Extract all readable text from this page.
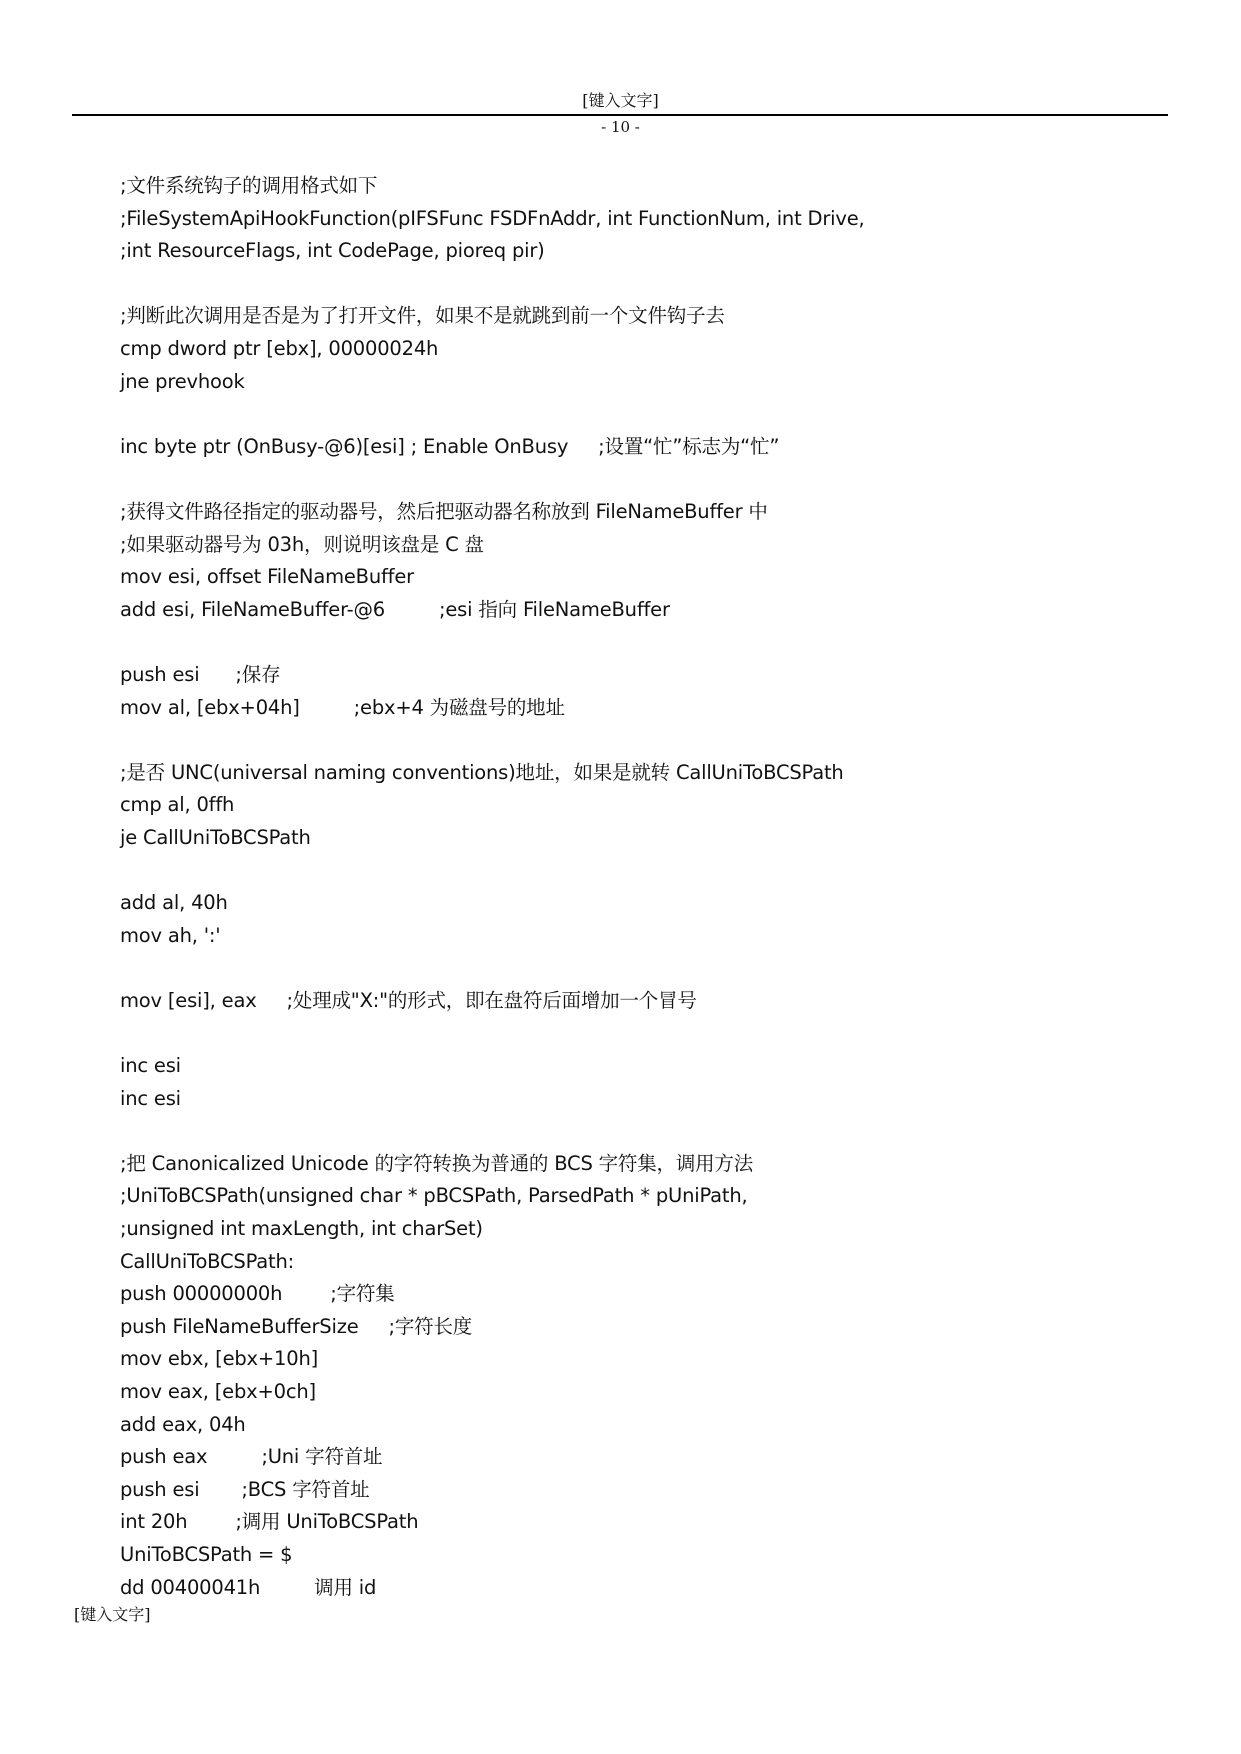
[键入文字]
- 10 -
;文件系统钩子的调用格式如下
;FileSystemApiHookFunction(pIFSFunc FSDFnAddr, int FunctionNum, int Drive,
;int ResourceFlags, int CodePage, pioreq pir)
;判断此次调用是否是为了打开文件，如果不是就跳到前一个文件钩子去
cmp dword ptr [ebx], 00000024h
jne prevhook
inc byte ptr (OnBusy-@6)[esi] ; Enable OnBusy     ;设置“忙”标志为“忙”
;获得文件路径指定的驱动器号，然后把驱动器名称放到 FileNameBuffer 中
;如果驱动器号为 03h，则说明该盘是 C 盘
mov esi, offset FileNameBuffer
add esi, FileNameBuffer-@6         ;esi 指向 FileNameBuffer
push esi      ;保存
mov al, [ebx+04h]         ;ebx+4 为磁盘号的地址
;是否 UNC(universal naming conventions)地址，如果是就转 CallUniToBCSPath
cmp al, 0ffh
je CallUniToBCSPath
add al, 40h
mov ah, ':'
mov [esi], eax     ;处理成"X:"的形式，即在盘符后面增加一个冒号
inc esi
inc esi
;把 Canonicalized Unicode 的字符转换为普通的 BCS 字符集，调用方法
;UniToBCSPath(unsigned char * pBCSPath, ParsedPath * pUniPath,
;unsigned int maxLength, int charSet)
CallUniToBCSPath:
push 00000000h        ;字符集
push FileNameBufferSize     ;字符长度
mov ebx, [ebx+10h]
mov eax, [ebx+0ch]
add eax, 04h
push eax         ;Uni 字符首址
push esi       ;BCS 字符首址
int 20h        ;调用 UniToBCSPath
UniToBCSPath = $
dd 00400041h         调用 id
[键入文字]
